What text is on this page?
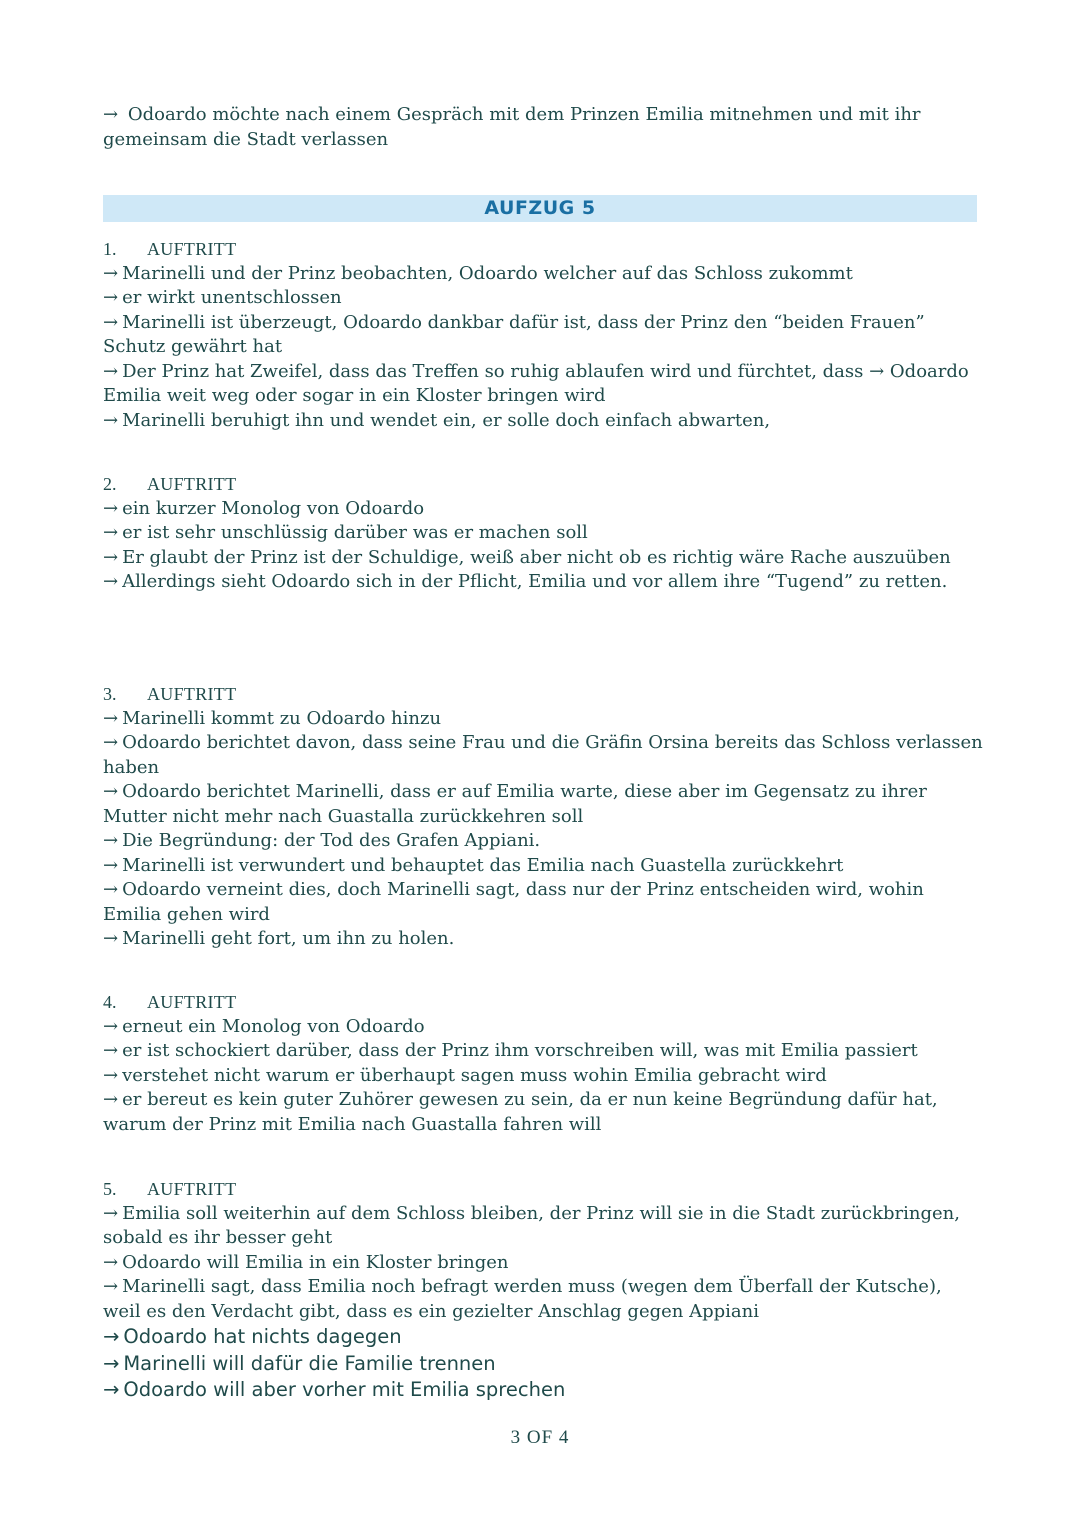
→ Odoardo möchte nach einem Gespräch mit dem Prinzen Emilia mitnehmen und mit ihr gemeinsam die Stadt verlassen
AUFZUG 5
1. AUFTRITT
→ Marinelli und der Prinz beobachten, Odoardo welcher auf das Schloss zukommt
→ er wirkt unentschlossen
→ Marinelli ist überzeugt, Odoardo dankbar dafür ist, dass der Prinz den “beiden Frauen” Schutz gewährt hat
→ Der Prinz hat Zweifel, dass das Treffen so ruhig ablaufen wird und fürchtet, dass → Odoardo Emilia weit weg oder sogar in ein Kloster bringen wird
→ Marinelli beruhigt ihn und wendet ein, er solle doch einfach abwarten,
2. AUFTRITT
→ ein kurzer Monolog von Odoardo
→ er ist sehr unschlüssig darüber was er machen soll
→ Er glaubt der Prinz ist der Schuldige, weiß aber nicht ob es richtig wäre Rache auszuüben
→ Allerdings sieht Odoardo sich in der Pflicht, Emilia und vor allem ihre “Tugend” zu retten.
3. AUFTRITT
→ Marinelli kommt zu Odoardo hinzu
→ Odoardo berichtet davon, dass seine Frau und die Gräfin Orsina bereits das Schloss verlassen haben
→ Odoardo berichtet Marinelli, dass er auf Emilia warte, diese aber im Gegensatz zu ihrer Mutter nicht mehr nach Guastalla zurückkehren soll
→ Die Begründung: der Tod des Grafen Appiani.
→ Marinelli ist verwundert und behauptet das Emilia nach Guastella zurückkehrt
→ Odoardo verneint dies, doch Marinelli sagt, dass nur der Prinz entscheiden wird, wohin Emilia gehen wird
→ Marinelli geht fort, um ihn zu holen.
4. AUFTRITT
→ erneut ein Monolog von Odoardo
→ er ist schockiert darüber, dass der Prinz ihm vorschreiben will, was mit Emilia passiert
→ verstehet nicht warum er überhaupt sagen muss wohin Emilia gebracht wird
→ er bereut es kein guter Zuhörer gewesen zu sein, da er nun keine Begründung dafür hat, warum der Prinz mit Emilia nach Guastalla fahren will
5. AUFTRITT
→ Emilia soll weiterhin auf dem Schloss bleiben, der Prinz will sie in die Stadt zurückbringen, sobald es ihr besser geht
→ Odoardo will Emilia in ein Kloster bringen
→ Marinelli sagt, dass Emilia noch befragt werden muss (wegen dem Überfall der Kutsche), weil es den Verdacht gibt, dass es ein gezielter Anschlag gegen Appiani
→ Odoardo hat nichts dagegen
→ Marinelli will dafür die Familie trennen
→ Odoardo will aber vorher mit Emilia sprechen
3 OF 4
